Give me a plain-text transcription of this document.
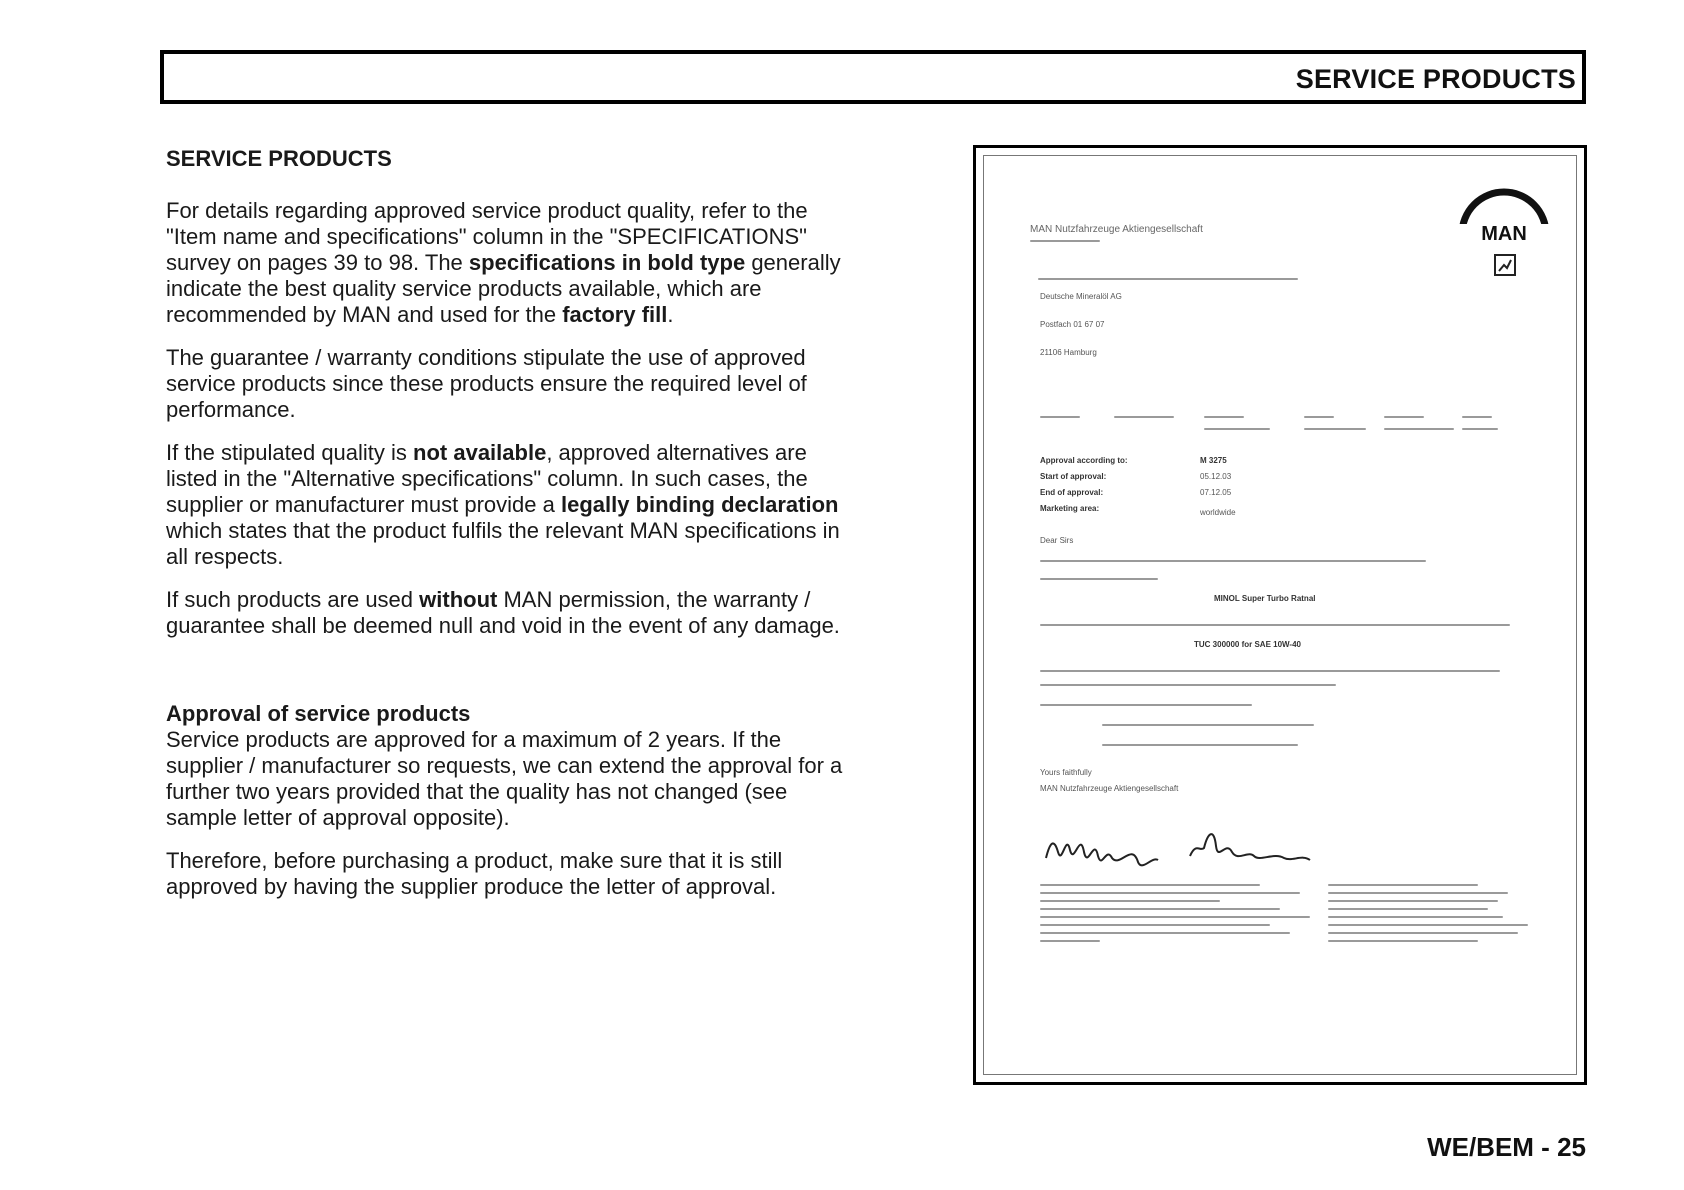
SERVICE PRODUCTS
SERVICE PRODUCTS

For details regarding approved service product quality, refer to the "Item name and specifications" column in the "SPECIFICATIONS" survey on pages 39 to 98. The specifications in bold type generally indicate the best quality service products available, which are recommended by MAN and used for the factory fill.

The guarantee / warranty conditions stipulate the use of approved service products since these products ensure the required level of performance.

If the stipulated quality is not available, approved alternatives are listed in the "Alternative specifications" column. In such cases, the supplier or manufacturer must provide a legally binding declaration which states that the product fulfils the relevant MAN specifications in all respects.

If such products are used without MAN permission, the warranty / guarantee shall be deemed null and void in the event of any damage.

Approval of service products

Service products are approved for a maximum of 2 years. If the supplier / manufacturer so requests, we can extend the approval for a further two years provided that the quality has not changed (see sample letter of approval opposite).

Therefore, before purchasing a product, make sure that it is still approved by having the supplier produce the letter of approval.

MAN Nutzfahrzeuge Aktiengesellschaft	MAN
Deutsche Mineralöl AG
Postfach 01 67 07
21106 Hamburg
Approval according to:	M 3275
Start of approval:	05.12.03
End of approval:	07.12.05
Marketing area:	worldwide
Dear Sirs
MINOL Super Turbo Ratnal
TUC 300000 for SAE 10W-40
Yours faithfully
MAN Nutzfahrzeuge Aktiengesellschaft
WE/BEM - 25
